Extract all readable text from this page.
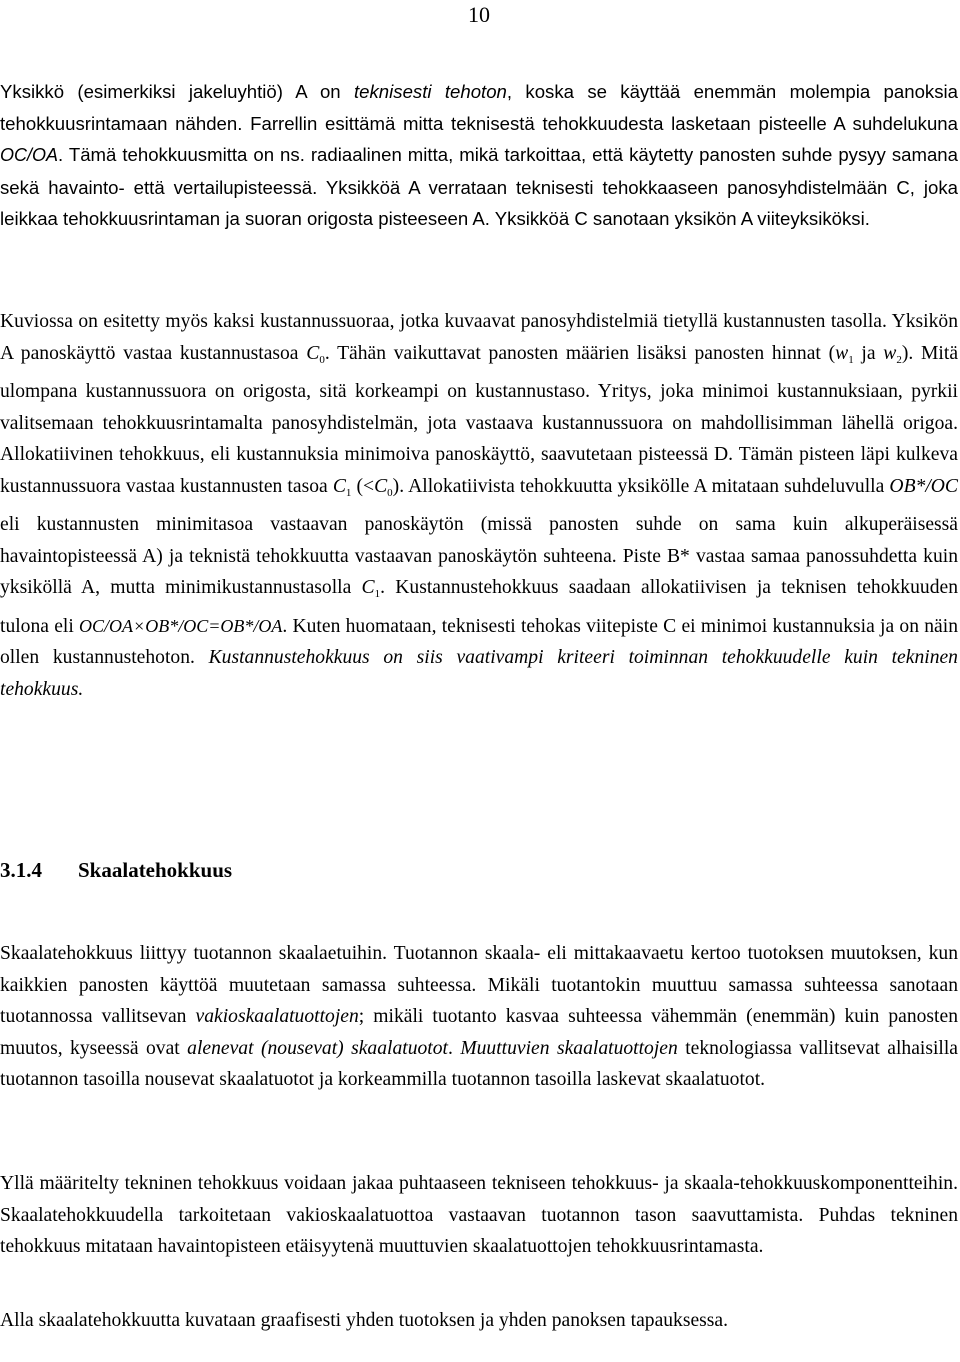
10

Yksikkö (esimerkiksi jakeluyhtiö) A on teknisesti tehoton, koska se käyttää enemmän molempia panoksia tehokkuusrintamaan nähden. Farrellin esittämä mitta teknisestä tehokkuudesta lasketaan pisteelle A suhdelukuna OC/OA. Tämä tehokkuusmitta on ns. radiaalinen mitta, mikä tarkoittaa, että käytetty panosten suhde pysyy samana sekä havainto- että vertailupisteessä. Yksikköä A verrataan teknisesti tehokkaaseen panosyhdistelmään C, joka leikkaa tehokkuusrintaman ja suoran origosta pisteeseen A. Yksikköä C sanotaan yksikön A viiteyksiköksi.

Kuviossa on esitetty myös kaksi kustannussuoraa, jotka kuvaavat panosyhdistelmiä tietyllä kustannusten tasolla. Yksikön A panoskäyttö vastaa kustannustasoa $C_0$. Tähän vaikuttavat panosten määrien lisäksi panosten hinnat ($w_1$ ja $w_2$). Mitä ulompana kustannussuora on origosta, sitä korkeampi on kustannustaso. Yritys, joka minimoi kustannuksiaan, pyrkii valitsemaan tehokkuusrintamalta panosyhdistelmän, jota vastaava kustannussuora on mahdollisimman lähellä origoa. Allokatiivinen tehokkuus, eli kustannuksia minimoiva panoskäyttö, saavutetaan pisteessä D. Tämän pisteen läpi kulkeva kustannussuora vastaa kustannusten tasoa $C_1$ $(<C_0)$. Allokatiivista tehokkuutta yksikölle A mitataan suhdeluvulla OB*/OC eli kustannusten minimitasoa vastaavan panoskäytön (missä panosten suhde on sama kuin alkuperäisessä havaintopisteessä A) ja teknistä tehokkuutta vastaavan panoskäytön suhteena. Piste B* vastaa samaa panossuhdetta kuin yksiköllä A, mutta minimikustannustasolla $C_1$. Kustannustehokkuus saadaan allokatiivisen ja teknisen tehokkuuden tulona eli OC/OA×OB*/OC=OB*/OA. Kuten huomataan, teknisesti tehokas viitepiste C ei minimoi kustannuksia ja on näin ollen kustannustehoton. Kustannustehokkuus on siis vaativampi kriteeri toiminnan tehokkuudelle kuin tekninen tehokkuus.

3.1.4 Skaalatehokkuus

Skaalatehokkuus liittyy tuotannon skaalaetuihin. Tuotannon skaala- eli mittakaavaetu kertoo tuotoksen muutoksen, kun kaikkien panosten käyttöä muutetaan samassa suhteessa. Mikäli tuotantokin muuttuu samassa suhteessa sanotaan tuotannossa vallitsevan vakioskaalatuottojen; mikäli tuotanto kasvaa suhteessa vähemmän (enemmän) kuin panosten muutos, kyseessä ovat alenevat (nousevat) skaalatuotot. Muuttuvien skaalatuottojen teknologiassa vallitsevat alhaisilla tuotannon tasoilla nousevat skaalatuotot ja korkeammilla tuotannon tasoilla laskevat skaalatuotot.

Yllä määritelty tekninen tehokkuus voidaan jakaa puhtaaseen tekniseen tehokkuus- ja skaala-tehokkuuskomponentteihin. Skaalatehokkuudella tarkoitetaan vakioskaalatuottoa vastaavan tuotannon tason saavuttamista. Puhdas tekninen tehokkuus mitataan havaintopisteen etäisyytenä muuttuvien skaalatuottojen tehokkuusrintamasta.

Alla skaalatehokkuutta kuvataan graafisesti yhden tuotoksen ja yhden panoksen tapauksessa.
